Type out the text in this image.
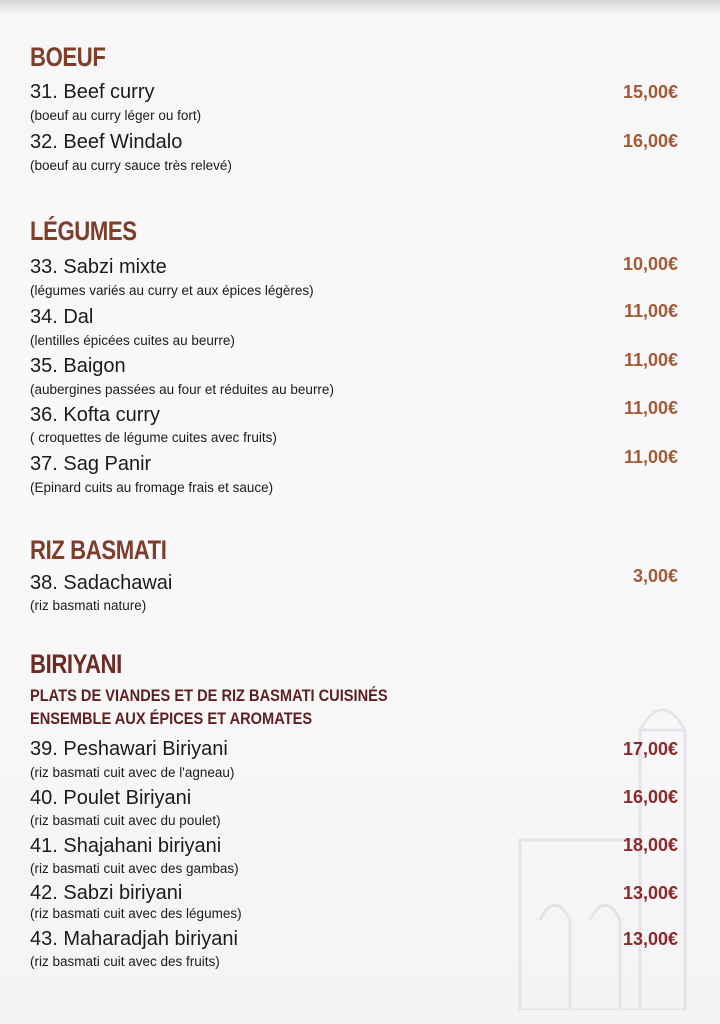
BOEUF
31. Beef curry
(boeuf au curry léger ou fort)
15,00€
32. Beef Windalo
(boeuf au curry sauce très relevé)
16,00€
LÉGUMES
33. Sabzi mixte
(légumes variés au curry et aux épices légères)
10,00€
34. Dal
(lentilles épicées cuites au beurre)
11,00€
35. Baigon
(aubergines passées au four et réduites au beurre)
11,00€
36. Kofta curry
( croquettes de légume cuites avec fruits)
11,00€
37. Sag Panir
(Epinard cuits au fromage frais et sauce)
11,00€
RIZ BASMATI
38. Sadachawai
(riz basmati nature)
3,00€
BIRIYANI
PLATS DE VIANDES ET DE RIZ BASMATI CUISINÉS
ENSEMBLE AUX ÉPICES ET AROMATES
39. Peshawari Biriyani
(riz basmati cuit avec de l'agneau)
17,00€
40. Poulet Biriyani
(riz basmati cuit avec du poulet)
16,00€
41. Shajahani biriyani
(riz basmati cuit avec des gambas)
18,00€
42. Sabzi biriyani
(riz basmati cuit avec des légumes)
13,00€
43. Maharadjah biriyani
(riz basmati cuit avec des fruits)
13,00€
